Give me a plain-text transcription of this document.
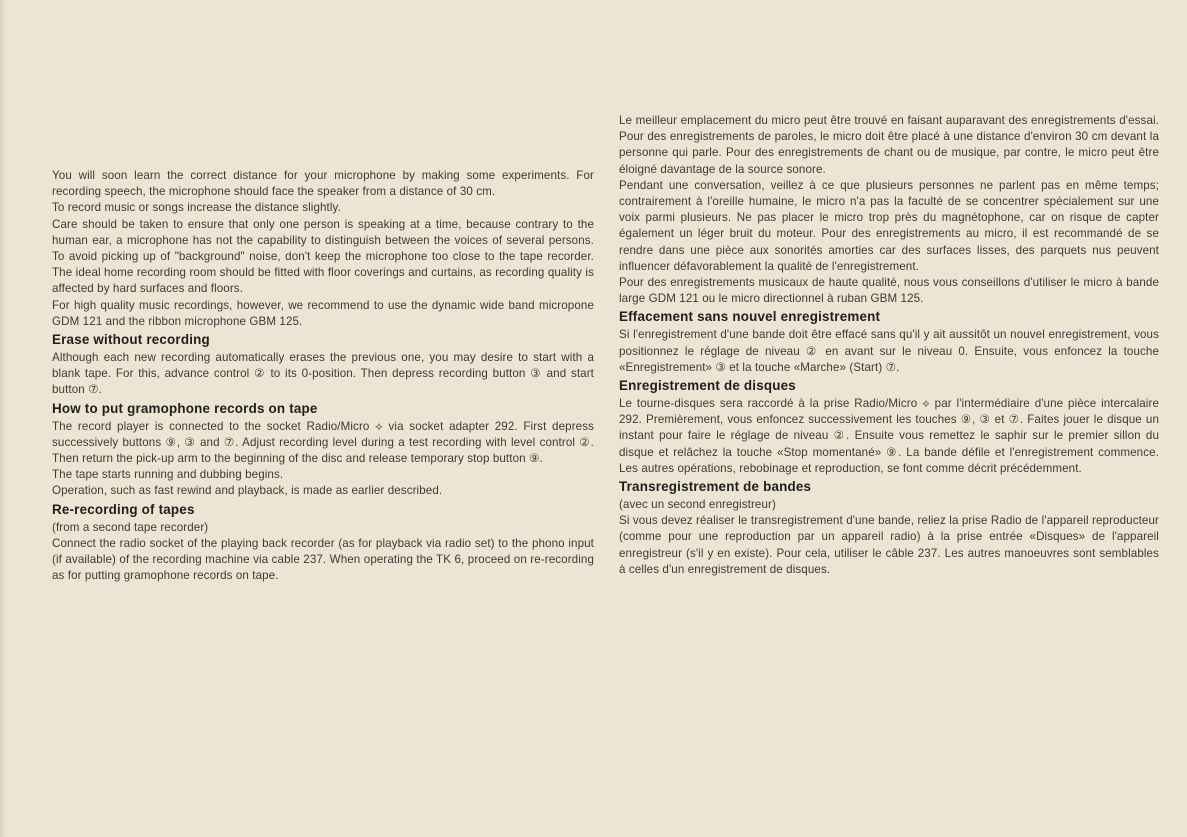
You will soon learn the correct distance for your microphone by making some experiments. For recording speech, the microphone should face the speaker from a distance of 30 cm.

To record music or songs increase the distance slightly.

Care should be taken to ensure that only one person is speaking at a time, because contrary to the human ear, a microphone has not the capability to distinguish between the voices of several persons. To avoid picking up of "background" noise, don't keep the microphone too close to the tape recorder. The ideal home recording room should be fitted with floor coverings and curtains, as recording quality is affected by hard surfaces and floors.

For high quality music recordings, however, we recommend to use the dynamic wide band micropone GDM 121 and the ribbon microphone GBM 125.

Erase without recording

Although each new recording automatically erases the previous one, you may desire to start with a blank tape. For this, advance control ② to its 0-position. Then depress recording button ③ and start button ⑦.

How to put gramophone records on tape

The record player is connected to the socket Radio/Micro ⟡ via socket adapter 292. First depress successively buttons ⑨, ③ and ⑦. Adjust recording level during a test recording with level control ②. Then return the pick-up arm to the beginning of the disc and release temporary stop button ⑨.

The tape starts running and dubbing begins.

Operation, such as fast rewind and playback, is made as earlier described.

Re-recording of tapes

(from a second tape recorder)

Connect the radio socket of the playing back recorder (as for playback via radio set) to the phono input (if available) of the recording machine via cable 237. When operating the TK 6, proceed on re-recording as for putting gramophone records on tape.

Le meilleur emplacement du micro peut être trouvé en faisant auparavant des enregistrements d'essai. Pour des enregistrements de paroles, le micro doit être placé à une distance d'environ 30 cm devant la personne qui parle. Pour des enregistrements de chant ou de musique, par contre, le micro peut être éloigné davantage de la source sonore.

Pendant une conversation, veillez à ce que plusieurs personnes ne parlent pas en même temps; contrairement à l'oreille humaine, le micro n'a pas la faculté de se concentrer spécialement sur une voix parmi plusieurs. Ne pas placer le micro trop près du magnétophone, car on risque de capter également un léger bruit du moteur. Pour des enregistrements au micro, il est recommandé de se rendre dans une pièce aux sonorités amorties car des surfaces lisses, des parquets nus peuvent influencer défavorablement la qualité de l'enregistrement.

Pour des enregistrements musicaux de haute qualité, nous vous conseillons d'utiliser le micro à bande large GDM 121 ou le micro directionnel à ruban GBM 125.

Effacement sans nouvel enregistrement

Si l'enregistrement d'une bande doit être effacé sans qu'il y ait aussitôt un nouvel enregistrement, vous positionnez le réglage de niveau ② en avant sur le niveau 0. Ensuite, vous enfoncez la touche «Enregistrement» ③ et la touche «Marche» (Start) ⑦.

Enregistrement de disques

Le tourne-disques sera raccordé à la prise Radio/Micro ⟡ par l'intermédiaire d'une pièce intercalaire 292. Premièrement, vous enfoncez successivement les touches ⑨, ③ et ⑦. Faites jouer le disque un instant pour faire le réglage de niveau ②. Ensuite vous remettez le saphir sur le premier sillon du disque et relâchez la touche «Stop momentané» ⑨. La bande défile et l'enregistrement commence. Les autres opérations, rebobinage et reproduction, se font comme décrit précédemment.

Transregistrement de bandes

(avec un second enregistreur)

Si vous devez réaliser le transregistrement d'une bande, reliez la prise Radio de l'appareil reproducteur (comme pour une reproduction par un appareil radio) à la prise entrée «Disques» de l'appareil enregistreur (s'il y en existe). Pour cela, utiliser le câble 237. Les autres manoeuvres sont semblables à celles d'un enregistrement de disques.
